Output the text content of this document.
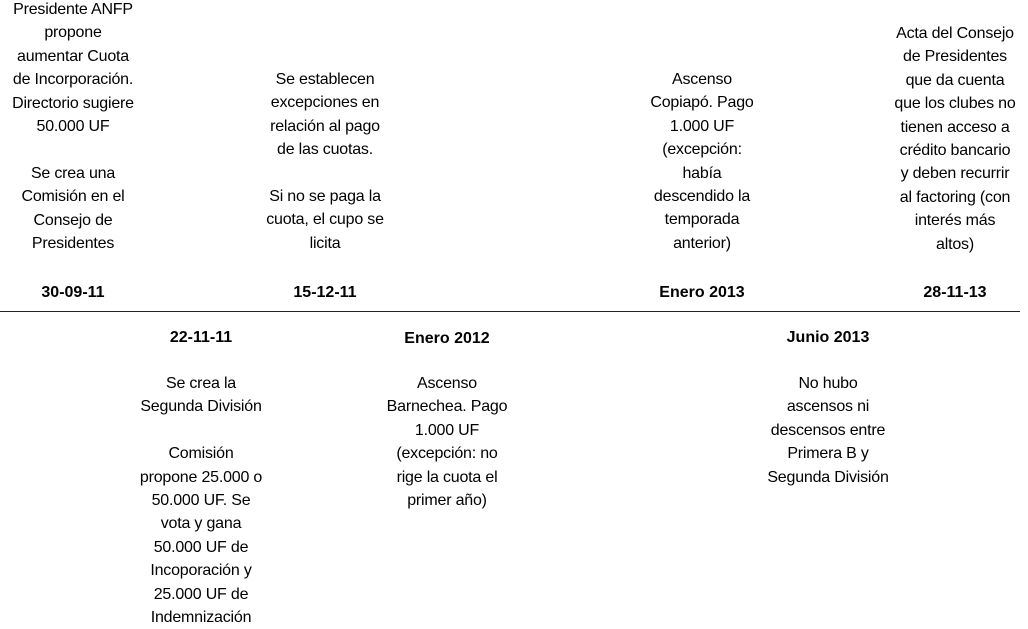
Presidente ANFP

propone

aumentar Cuota

de Incorporación.

Directorio sugiere

50.000 UF

Se crea una

Comisión en el

Consejo de

Presidentes

30-09-11

Se establecen

excepciones en

relación al pago

de las cuotas.

Si no se paga la

cuota, el cupo se

licita

15-12-11

Ascenso

Copiapó. Pago

1.000 UF

(excepción:

había

descendido la

temporada

anterior)

Enero 2013

Acta del Consejo

de Presidentes

que da cuenta

que los clubes no

tienen acceso a

crédito bancario

y deben recurrir

al factoring (con

interés más

altos)

28-11-13
22-11-11

Se crea la

Segunda División

Comisión

propone 25.000 o

50.000 UF. Se

vota y gana

50.000 UF de

Incoporación y

25.000 UF de

Indemnización

Enero 2012

Ascenso

Barnechea. Pago

1.000 UF

(excepción: no

rige la cuota el

primer año)

Junio 2013

No hubo

ascensos ni

descensos entre

Primera B y

Segunda División
